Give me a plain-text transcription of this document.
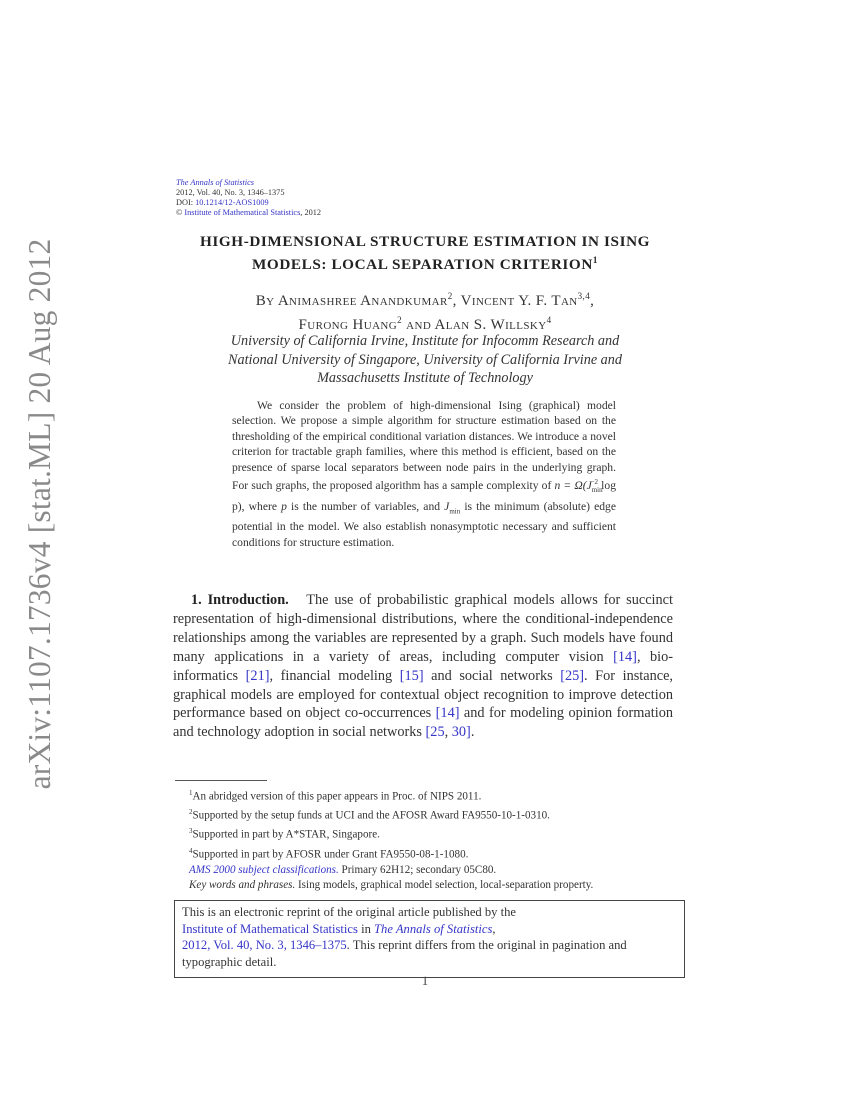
arXiv:1107.1736v4 [stat.ML] 20 Aug 2012
The Annals of Statistics
2012, Vol. 40, No. 3, 1346–1375
DOI: 10.1214/12-AOS1009
© Institute of Mathematical Statistics, 2012
HIGH-DIMENSIONAL STRUCTURE ESTIMATION IN ISING
MODELS: LOCAL SEPARATION CRITERION$^1$
By Animashree Anandkumar$^2$, Vincent Y. F. Tan$^{3,4}$,
Furong Huang$^2$ and Alan S. Willsky$^4$
University of California Irvine, Institute for Infocomm Research and
National University of Singapore, University of California Irvine and
Massachusetts Institute of Technology
We consider the problem of high-dimensional Ising (graphical) model selection. We propose a simple algorithm for structure estimation based on the thresholding of the empirical conditional variation distances. We introduce a novel criterion for tractable graph families, where this method is efficient, based on the presence of sparse local separators between node pairs in the underlying graph. For such graphs, the proposed algorithm has a sample complexity of $n = \Omega(J_{min}^{-2}$ log p), where p is the number of variables, and $J_{min}$ is the minimum (absolute) edge potential in the model. We also establish nonasymptotic necessary and sufficient conditions for structure estimation.
1. Introduction. The use of probabilistic graphical models allows for succinct representation of high-dimensional distributions, where the conditional-independence relationships among the variables are represented by a graph. Such models have found many applications in a variety of areas, including computer vision [14], bio-informatics [21], financial modeling [15] and social networks [25]. For instance, graphical models are employed for contextual object recognition to improve detection performance based on object co-occurrences [14] and for modeling opinion formation and technology adoption in social networks [25, 30].
$^1$An abridged version of this paper appears in Proc. of NIPS 2011.
$^2$Supported by the setup funds at UCI and the AFOSR Award FA9550-10-1-0310.
$^3$Supported in part by A*STAR, Singapore.
$^4$Supported in part by AFOSR under Grant FA9550-08-1-1080.
AMS 2000 subject classifications. Primary 62H12; secondary 05C80.
Key words and phrases. Ising models, graphical model selection, local-separation property.
This is an electronic reprint of the original article published by the
Institute of Mathematical Statistics in The Annals of Statistics,
2012, Vol. 40, No. 3, 1346–1375. This reprint differs from the original in pagination and typographic detail.
1
